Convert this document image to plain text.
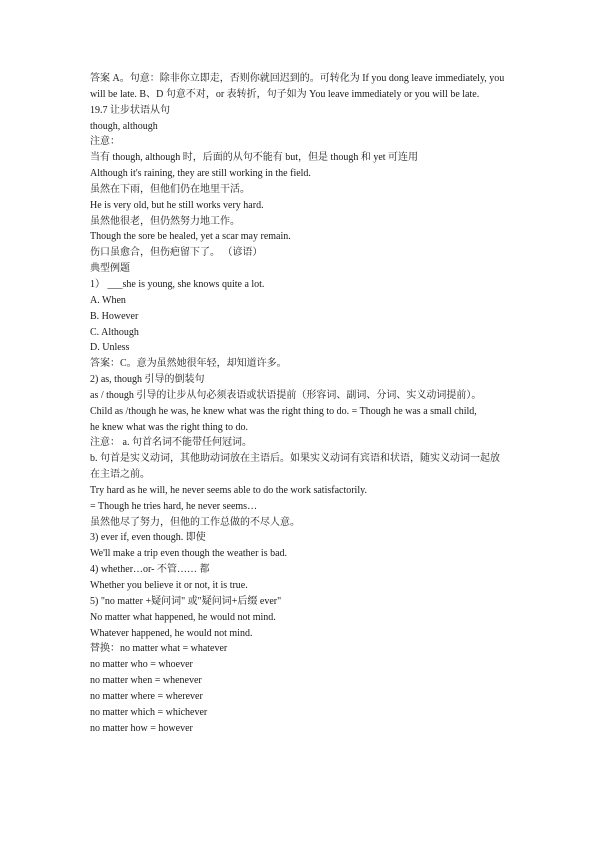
答案 A。句意：除非你立即走，否则你就回迟到的。可转化为 If you dong leave immediately, you
will be late. B、D 句意不对，or 表转折，句子如为 You leave immediately or you will be late.
19.7 让步状语从句
though, although
注意：
当有 though, although 时，后面的从句不能有 but，但是 though 和 yet 可连用
Although it's raining, they are still working in the field.
虽然在下雨，但他们仍在地里干活。
He is very old, but he still works very hard.
虽然他很老，但仍然努力地工作。
Though the sore be healed, yet a scar may remain.
伤口虽愈合，但伤疤留下了。 （谚语）
典型例题
1） ___she is young, she knows quite a lot.
A. When
B. However
C. Although
D. Unless
答案：C。意为虽然她很年轻，却知道许多。
2) as, though 引导的倒装句
as / though 引导的让步从句必须表语或状语提前（形容词、副词、分词、实义动词提前）。
Child as /though he was, he knew what was the right thing to do. = Though he was a small child,
he knew what was the right thing to do.
注意： a. 句首名词不能带任何冠词。
b. 句首是实义动词，其他助动词放在主语后。如果实义动词有宾语和状语，随实义动词一起放
在主语之前。
Try hard as he will, he never seems able to do the work satisfactorily.
= Though he tries hard, he never seems…
虽然他尽了努力，但他的工作总做的不尽人意。
3) ever if, even though. 即使
We'll make a trip even though the weather is bad.
4) whether…or- 不管…… 都
Whether you believe it or not, it is true.
5) "no matter +疑问词" 或"疑问词+后缀 ever"
No matter what happened, he would not mind.
Whatever happened, he would not mind.
替换：no matter what = whatever
no matter who = whoever
no matter when = whenever
no matter where = wherever
no matter which = whichever
no matter how = however
